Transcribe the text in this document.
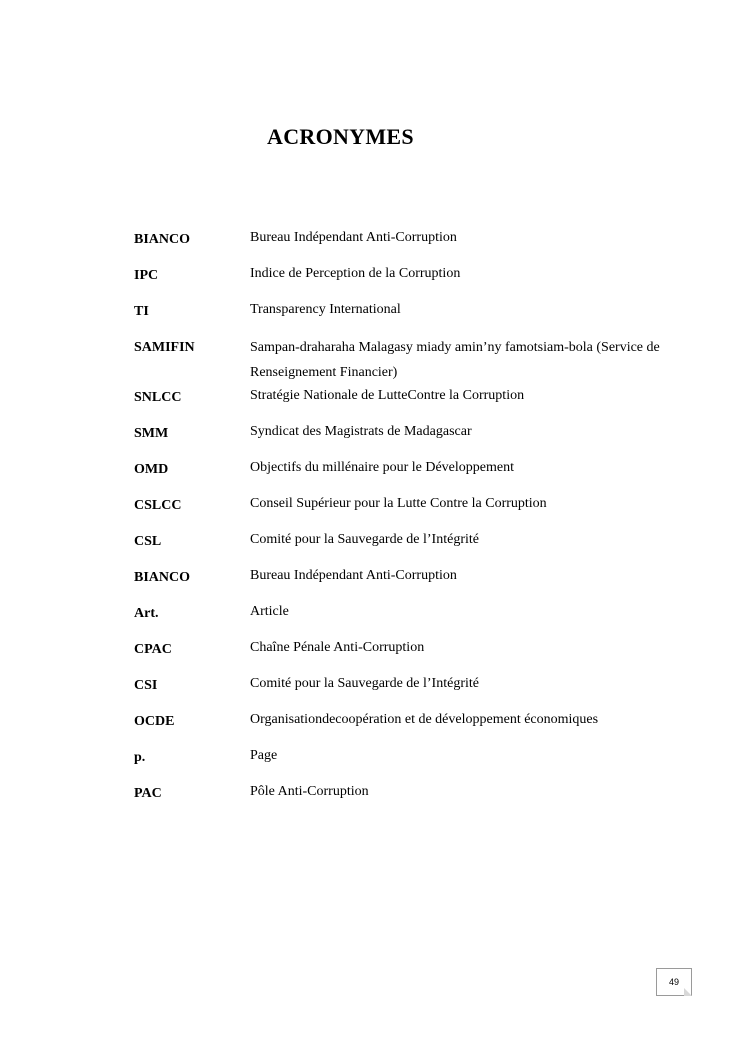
ACRONYMES
BIANCO	Bureau Indépendant Anti-Corruption
IPC	Indice de Perception de la Corruption
TI	Transparency International
SAMIFIN	Sampan-draharaha Malagasy miady amin’ny famotsiam-bola (Service de Renseignement Financier)
SNLCC	Stratégie Nationale de LutteContre la Corruption
SMM	Syndicat des Magistrats de Madagascar
OMD	Objectifs du millénaire pour le Développement
CSLCC	Conseil Supérieur pour la Lutte Contre la Corruption
CSL	Comité pour la Sauvegarde de l’Intégrité
BIANCO	Bureau Indépendant Anti-Corruption
Art.	Article
CPAC	Chaîne Pénale Anti-Corruption
CSI	Comité pour la Sauvegarde de l’Intégrité
OCDE	Organisationdecoopération et de développement économiques
p.	Page
PAC	Pôle Anti-Corruption
49
